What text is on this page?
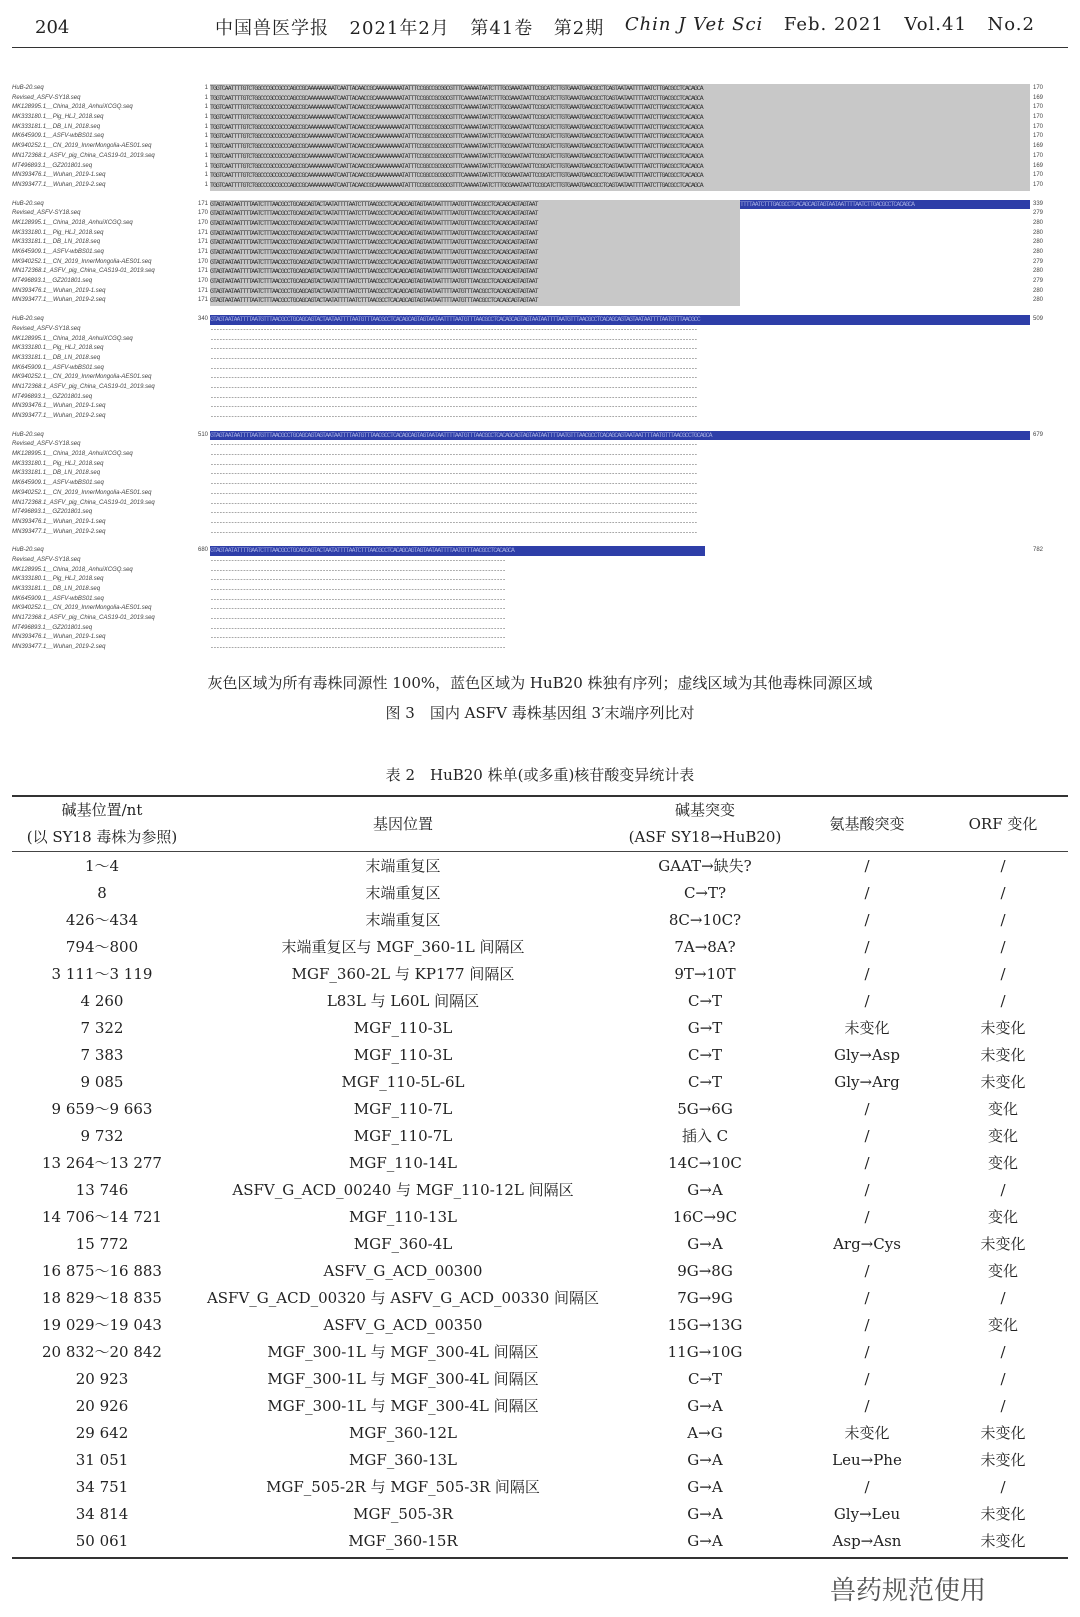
204	中国兽医学报 2021年2月 第41卷 第2期 Chin J Vet Sci Feb. 2021 Vol.41 No.2
HuB-20.seq	1 TGGTCAATTTTGTCTGGCCCGCCGCCCAGCCGCAAAAAAAAATCAATTACAACCGCAAAAAAAAATATTTCCGGCCGCGGCGTTTCAAAAATAATCTTTGCGAAATAATTCCGCATCTTGTGAAATGAACGCCTCAGTAATAATTTTAATCTTGACGCCTCACAGCA	170
Revised_ASFV-SY18.seq	1 TGGTCAATTTTGTCTGGCCCGCCGCCCAGCCGCAAAAAAAAATCAATTACAACCGCAAAAAAAAATATTTCCGGCCGCGGCGTTTCAAAAATAATCTTTGCGAAATAATTCCGCATCTTGTGAAATGAACGCCTCAGTAATAATTTTAATCTTGACGCCTCACAGCA	169
MK128995.1__China_2018_AnhuiXCGQ.seq	1 TGGTCAATTTTGTCTGGCCCGCCGCCCAGCCGCAAAAAAAAATCAATTACAACCGCAAAAAAAAATATTTCCGGCCGCGGCGTTTCAAAAATAATCTTTGCGAAATAATTCCGCATCTTGTGAAATGAACGCCTCAGTAATAATTTTAATCTTGACGCCTCACAGCA	170
MK333180.1__Pig_HLJ_2018.seq	1 TGGTCAATTTTGTCTGGCCCGCCGCCCAGCCGCAAAAAAAAATCAATTACAACCGCAAAAAAAAATATTTCCGGCCGCGGCGTTTCAAAAATAATCTTTGCGAAATAATTCCGCATCTTGTGAAATGAACGCCTCAGTAATAATTTTAATCTTGACGCCTCACAGCA	170
MK333181.1__DB_LN_2018.seq	1 TGGTCAATTTTGTCTGGCCCGCCGCCCAGCCGCAAAAAAAAATCAATTACAACCGCAAAAAAAAATATTTCCGGCCGCGGCGTTTCAAAAATAATCTTTGCGAAATAATTCCGCATCTTGTGAAATGAACGCCTCAGTAATAATTTTAATCTTGACGCCTCACAGCA	170
MK645909.1__ASFV-wbBS01.seq	1 TGGTCAATTTTGTCTGGCCCGCCGCCCAGCCGCAAAAAAAAATCAATTACAACCGCAAAAAAAAATATTTCCGGCCGCGGCGTTTCAAAAATAATCTTTGCGAAATAATTCCGCATCTTGTGAAATGAACGCCTCAGTAATAATTTTAATCTTGACGCCTCACAGCA	170
MK940252.1__CN_2019_InnerMongolia-AES01.seq	1 TGGTCAATTTTGTCTGGCCCGCCGCCCAGCCGCAAAAAAAAATCAATTACAACCGCAAAAAAAAATATTTCCGGCCGCGGCGTTTCAAAAATAATCTTTGCGAAATAATTCCGCATCTTGTGAAATGAACGCCTCAGTAATAATTTTAATCTTGACGCCTCACAGCA	169
MN172368.1_ASFV_pig_China_CAS19-01_2019.seq	1 TGGTCAATTTTGTCTGGCCCGCCGCCCAGCCGCAAAAAAAAATCAATTACAACCGCAAAAAAAAATATTTCCGGCCGCGGCGTTTCAAAAATAATCTTTGCGAAATAATTCCGCATCTTGTGAAATGAACGCCTCAGTAATAATTTTAATCTTGACGCCTCACAGCA	170
MT496893.1__GZ201801.seq	1 TGGTCAATTTTGTCTGGCCCGCCGCCCAGCCGCAAAAAAAAATCAATTACAACCGCAAAAAAAAATATTTCCGGCCGCGGCGTTTCAAAAATAATCTTTGCGAAATAATTCCGCATCTTGTGAAATGAACGCCTCAGTAATAATTTTAATCTTGACGCCTCACAGCA	169
MN393476.1__Wuhan_2019-1.seq	1 TGGTCAATTTTGTCTGGCCCGCCGCCCAGCCGCAAAAAAAAATCAATTACAACCGCAAAAAAAAATATTTCCGGCCGCGGCGTTTCAAAAATAATCTTTGCGAAATAATTCCGCATCTTGTGAAATGAACGCCTCAGTAATAATTTTAATCTTGACGCCTCACAGCA	170
MN393477.1__Wuhan_2019-2.seq	1 TGGTCAATTTTGTCTGGCCCGCCGCCCAGCCGCAAAAAAAAATCAATTACAACCGCAAAAAAAAATATTTCCGGCCGCGGCGTTTCAAAAATAATCTTTGCGAAATAATTCCGCATCTTGTGAAATGAACGCCTCAGTAATAATTTTAATCTTGACGCCTCACAGCA	170
HuB-20.seq	171 GTAGTAATAATTTTAATCTTTAACGCCTGCAGCAGTACTAATATTTTAATCTTTAACGCCTCACAGCAGTAGTAATAATTTTAATGTTTAACGCCTCACAGCAGTAGTAAT	TTTTAATCTTTGACGCCTCACAGCAGTAGTAATAATTTTAATCTTGACGCCTCACAGCA	339
Revised_ASFV-SY18.seq	170 GTAGTAATAATTTTAATCTTTAACGCCTGCAGCAGTACTAATATTTTAATCTTTAACGCCTCACAGCAGTAGTAATAATTTTAATGTTTAACGCCTCACAGCAGTAGTAAT	279
MK128995.1__China_2018_AnhuiXCGQ.seq	170 GTAGTAATAATTTTAATCTTTAACGCCTGCAGCAGTACTAATATTTTAATCTTTAACGCCTCACAGCAGTAGTAATAATTTTAATGTTTAACGCCTCACAGCAGTAGTAAT	280
MK333180.1__Pig_HLJ_2018.seq	171 GTAGTAATAATTTTAATCTTTAACGCCTGCAGCAGTACTAATATTTTAATCTTTAACGCCTCACAGCAGTAGTAATAATTTTAATGTTTAACGCCTCACAGCAGTAGTAAT	280
MK333181.1__DB_LN_2018.seq	171 GTAGTAATAATTTTAATCTTTAACGCCTGCAGCAGTACTAATATTTTAATCTTTAACGCCTCACAGCAGTAGTAATAATTTTAATGTTTAACGCCTCACAGCAGTAGTAAT	280
MK645909.1__ASFV-wbBS01.seq	171 GTAGTAATAATTTTAATCTTTAACGCCTGCAGCAGTACTAATATTTTAATCTTTAACGCCTCACAGCAGTAGTAATAATTTTAATGTTTAACGCCTCACAGCAGTAGTAAT	280
MK940252.1__CN_2019_InnerMongolia-AES01.seq	170 GTAGTAATAATTTTAATCTTTAACGCCTGCAGCAGTACTAATATTTTAATCTTTAACGCCTCACAGCAGTAGTAATAATTTTAATGTTTAACGCCTCACAGCAGTAGTAAT	279
MN172368.1_ASFV_pig_China_CAS19-01_2019.seq	171 GTAGTAATAATTTTAATCTTTAACGCCTGCAGCAGTACTAATATTTTAATCTTTAACGCCTCACAGCAGTAGTAATAATTTTAATGTTTAACGCCTCACAGCAGTAGTAAT	280
MT496893.1__GZ201801.seq	170 GTAGTAATAATTTTAATCTTTAACGCCTGCAGCAGTACTAATATTTTAATCTTTAACGCCTCACAGCAGTAGTAATAATTTTAATGTTTAACGCCTCACAGCAGTAGTAAT	279
MN393476.1__Wuhan_2019-1.seq	171 GTAGTAATAATTTTAATCTTTAACGCCTGCAGCAGTACTAATATTTTAATCTTTAACGCCTCACAGCAGTAGTAATAATTTTAATGTTTAACGCCTCACAGCAGTAGTAAT	280
MN393477.1__Wuhan_2019-2.seq	171 GTAGTAATAATTTTAATCTTTAACGCCTGCAGCAGTACTAATATTTTAATCTTTAACGCCTCACAGCAGTAGTAATAATTTTAATGTTTAACGCCTCACAGCAGTAGTAAT	280
HuB-20.seq	340 GTAGTAATAATTTTAATGTTTAACGCCTGCAGCAGTACTAATAATTTTAATGTTTAACGCCTCACAGCAGTAGTAATAATTTTAATGTTTAACGCCTCACAGCAGTAGTAATAATTTTAATGTTTAACGCCTCACAGCAGTAGTAATAATTTTAATGTTTAACGCC	509
Revised_ASFV-SY18.seq	---------------------------------------------------------------------------------------------------------------------------------------------------------------------
MK128995.1__China_2018_AnhuiXCGQ.seq	---------------------------------------------------------------------------------------------------------------------------------------------------------------------
MK333180.1__Pig_HLJ_2018.seq	---------------------------------------------------------------------------------------------------------------------------------------------------------------------
MK333181.1__DB_LN_2018.seq	---------------------------------------------------------------------------------------------------------------------------------------------------------------------
MK645909.1__ASFV-wbBS01.seq	---------------------------------------------------------------------------------------------------------------------------------------------------------------------
MK940252.1__CN_2019_InnerMongolia-AES01.seq	---------------------------------------------------------------------------------------------------------------------------------------------------------------------
MN172368.1_ASFV_pig_China_CAS19-01_2019.seq	---------------------------------------------------------------------------------------------------------------------------------------------------------------------
MT496893.1__GZ201801.seq	---------------------------------------------------------------------------------------------------------------------------------------------------------------------
MN393476.1__Wuhan_2019-1.seq	---------------------------------------------------------------------------------------------------------------------------------------------------------------------
MN393477.1__Wuhan_2019-2.seq	---------------------------------------------------------------------------------------------------------------------------------------------------------------------
HuB-20.seq	510 GTAGTAATAATTTTAATGTTTAACGCCTGCAGCAGTAGTAATAATTTTAATGTTTAACGCCTCACAGCAGTAGTAATAATTTTAATGTTTAACGCCTCACAGCAGTAGTAATAATTTTAATGTTTAACGCCTCACAGCAGTAATAATTTTAATGTTTAACGCCTGCAGCA	679
Revised_ASFV-SY18.seq	---------------------------------------------------------------------------------------------------------------------------------------------------------------------
MK128995.1__China_2018_AnhuiXCGQ.seq	---------------------------------------------------------------------------------------------------------------------------------------------------------------------
MK333180.1__Pig_HLJ_2018.seq	---------------------------------------------------------------------------------------------------------------------------------------------------------------------
MK333181.1__DB_LN_2018.seq	---------------------------------------------------------------------------------------------------------------------------------------------------------------------
MK645909.1__ASFV-wbBS01.seq	---------------------------------------------------------------------------------------------------------------------------------------------------------------------
MK940252.1__CN_2019_InnerMongolia-AES01.seq	---------------------------------------------------------------------------------------------------------------------------------------------------------------------
MN172368.1_ASFV_pig_China_CAS19-01_2019.seq	---------------------------------------------------------------------------------------------------------------------------------------------------------------------
MT496893.1__GZ201801.seq	---------------------------------------------------------------------------------------------------------------------------------------------------------------------
MN393476.1__Wuhan_2019-1.seq	---------------------------------------------------------------------------------------------------------------------------------------------------------------------
MN393477.1__Wuhan_2019-2.seq	---------------------------------------------------------------------------------------------------------------------------------------------------------------------
HuB-20.seq	680 GTAGTAATATTTTGAATCTTTAACGCCTGCAGCAGTACTAATATTTTAATCTTTAACGCCTCACAGCAGTAGTAATAATTTTAATGTTTAACGCCTCACAGCA	782
Revised_ASFV-SY18.seq	----------------------------------------------------------------------------------------------------
MK128995.1__China_2018_AnhuiXCGQ.seq	----------------------------------------------------------------------------------------------------
MK333180.1__Pig_HLJ_2018.seq	----------------------------------------------------------------------------------------------------
MK333181.1__DB_LN_2018.seq	----------------------------------------------------------------------------------------------------
MK645909.1__ASFV-wbBS01.seq	----------------------------------------------------------------------------------------------------
MK940252.1__CN_2019_InnerMongolia-AES01.seq	----------------------------------------------------------------------------------------------------
MN172368.1_ASFV_pig_China_CAS19-01_2019.seq	----------------------------------------------------------------------------------------------------
MT496893.1__GZ201801.seq	----------------------------------------------------------------------------------------------------
MN393476.1__Wuhan_2019-1.seq	----------------------------------------------------------------------------------------------------
MN393477.1__Wuhan_2019-2.seq	----------------------------------------------------------------------------------------------------
灰色区域为所有毒株同源性 100%，蓝色区域为 HuB20 株独有序列；虚线区域为其他毒株同源区域
图 3　国内 ASFV 毒株基因组 3′末端序列比对
表 2　HuB20 株单(或多重)核苷酸变异统计表
碱基位置/nt	基因位置	碱基突变	氨基酸突变	ORF 变化
(以 SY18 毒株为参照)		(ASF SY18→HuB20)		
1～4	末端重复区	GAAT→缺失?	/	/
8	末端重复区	C→T?	/	/
426～434	末端重复区	8C→10C?	/	/
794～800	末端重复区与 MGF_360-1L 间隔区	7A→8A?	/	/
3 111～3 119	MGF_360-2L 与 KP177 间隔区	9T→10T	/	/
4 260	L83L 与 L60L 间隔区	C→T	/	/
7 322	MGF_110-3L	G→T	未变化	未变化
7 383	MGF_110-3L	C→T	Gly→Asp	未变化
9 085	MGF_110-5L-6L	C→T	Gly→Arg	未变化
9 659～9 663	MGF_110-7L	5G→6G	/	变化
9 732	MGF_110-7L	插入 C	/	变化
13 264～13 277	MGF_110-14L	14C→10C	/	变化
13 746	ASFV_G_ACD_00240 与 MGF_110-12L 间隔区	G→A	/	/
14 706～14 721	MGF_110-13L	16C→9C	/	变化
15 772	MGF_360-4L	G→A	Arg→Cys	未变化
16 875～16 883	ASFV_G_ACD_00300	9G→8G	/	变化
18 829～18 835	ASFV_G_ACD_00320 与 ASFV_G_ACD_00330 间隔区	7G→9G	/	/
19 029～19 043	ASFV_G_ACD_00350	15G→13G	/	变化
20 832～20 842	MGF_300-1L 与 MGF_300-4L 间隔区	11G→10G	/	/
20 923	MGF_300-1L 与 MGF_300-4L 间隔区	C→T	/	/
20 926	MGF_300-1L 与 MGF_300-4L 间隔区	G→A	/	/
29 642	MGF_360-12L	A→G	未变化	未变化
31 051	MGF_360-13L	G→A	Leu→Phe	未变化
34 751	MGF_505-2R 与 MGF_505-3R 间隔区	G→A	/	/
34 814	MGF_505-3R	G→A	Gly→Leu	未变化
50 061	MGF_360-15R	G→A	Asp→Asn	未变化
兽药规范使用
